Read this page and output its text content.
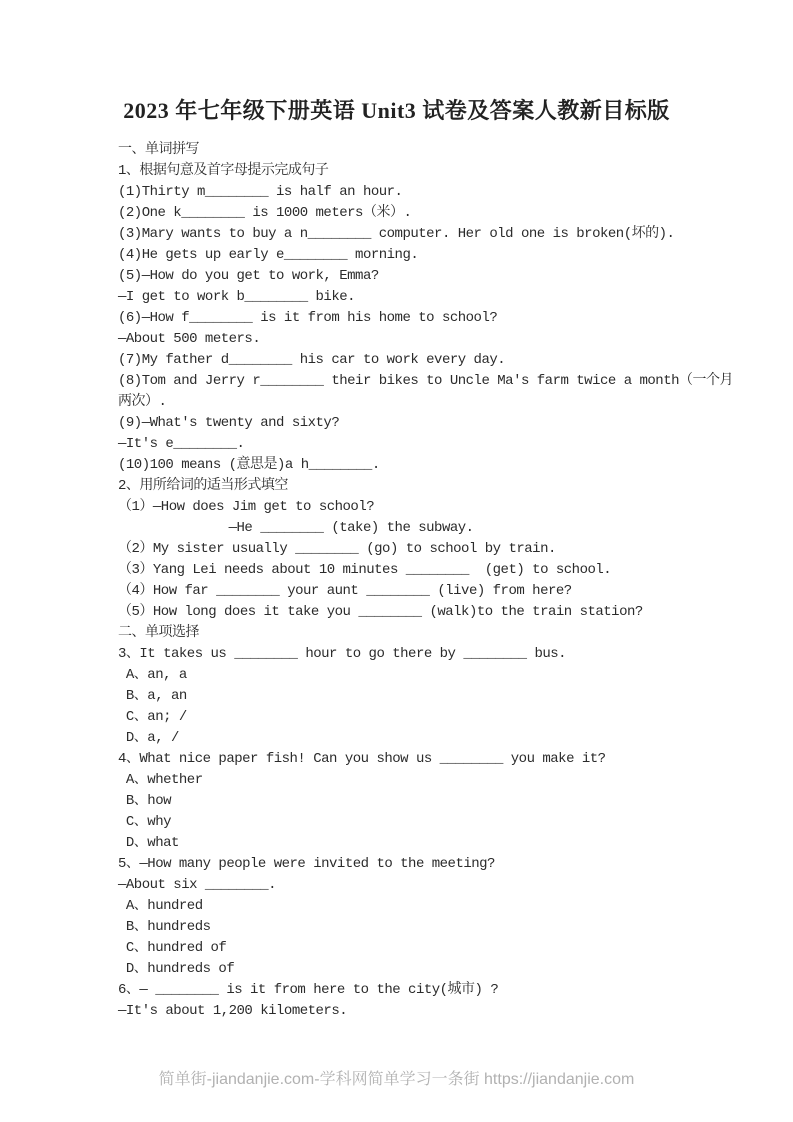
2023 年七年级下册英语 Unit3 试卷及答案人教新目标版
一、单词拼写
1、根据句意及首字母提示完成句子
(1)Thirty m________ is half an hour.
(2)One k________ is 1000 meters（米）.
(3)Mary wants to buy a n________ computer. Her old one is broken(坏的).
(4)He gets up early e________ morning.
(5)—How do you get to work, Emma?
—I get to work b________ bike.
(6)—How f________ is it from his home to school?
—About 500 meters.
(7)My father d________ his car to work every day.
(8)Tom and Jerry r________ their bikes to Uncle Ma's farm twice a month（一个月
两次）.
(9)—What's twenty and sixty?
—It's e________.
(10)100 means (意思是)a h________.
2、用所给词的适当形式填空
（1）—How does Jim get to school?
—He ________ (take) the subway.
（2）My sister usually ________ (go) to school by train.
（3）Yang Lei needs about 10 minutes ________  (get) to school.
（4）How far ________ your aunt ________ (live) from here?
（5）How long does it take you ________ (walk)to the train station?
二、单项选择
3、It takes us ________ hour to go there by ________ bus.
A、an, a
B、a, an
C、an; /
D、a, /
4、What nice paper fish! Can you show us ________ you make it?
A、whether
B、how
C、why
D、what
5、—How many people were invited to the meeting?
—About six ________.
A、hundred
B、hundreds
C、hundred of
D、hundreds of
6、— ________ is it from here to the city(城市) ?
—It's about 1,200 kilometers.
简单街-jiandanjie.com-学科网简单学习一条街 https://jiandanjie.com
